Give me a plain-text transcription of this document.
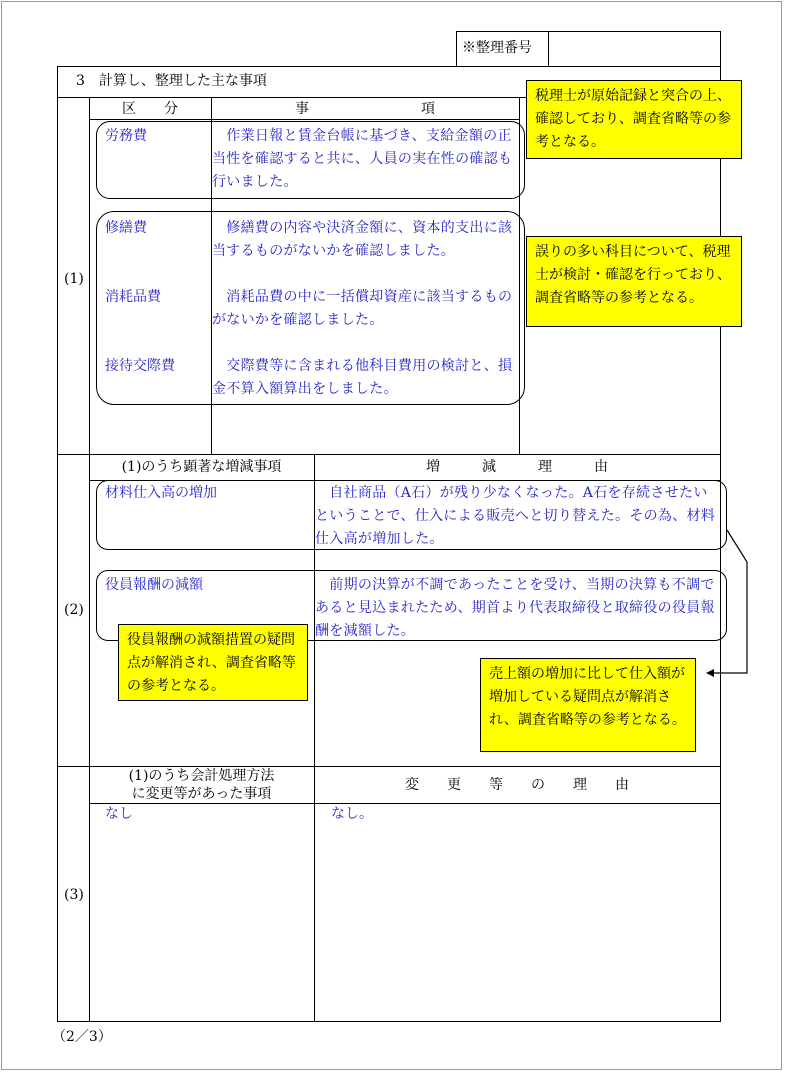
※整理番号
3　計算し、整理した主な事項
(1)
区　　分	事　　　　　　　　項
労務費	　作業日報と賃金台帳に基づき、支給金額の正当性を確認すると共に、人員の実在性の確認も行いました。
修繕費	　修繕費の内容や決済金額に、資本的支出に該当するものがないかを確認しました。
消耗品費	　消耗品費の中に一括償却資産に該当するものがないかを確認しました。
接待交際費	　交際費等に含まれる他科目費用の検討と、損金不算入額算出をしました。
(2)
(1)のうち顕著な増減事項	増　　　減　　　理　　　由
材料仕入高の増加	　自社商品（A石）が残り少なくなった。A石を存続させたいということで、仕入による販売へと切り替えた。その為、材料仕入高が増加した。
役員報酬の減額	　前期の決算が不調であったことを受け、当期の決算も不調であると見込まれたため、期首より代表取締役と取締役の役員報酬を減額した。
(3)
(1)のうち会計処理方法
に変更等があった事項
変　　更　　等　　の　　理　　由
なし	なし。
税理士が原始記録と突合の上、確認しており、調査省略等の参考となる。
誤りの多い科目について、税理士が検討・確認を行っており、調査省略等の参考となる。
役員報酬の減額措置の疑問点が解消され、調査省略等の参考となる。
売上額の増加に比して仕入額が増加している疑問点が解消され、調査省略等の参考となる。
（2／3）
